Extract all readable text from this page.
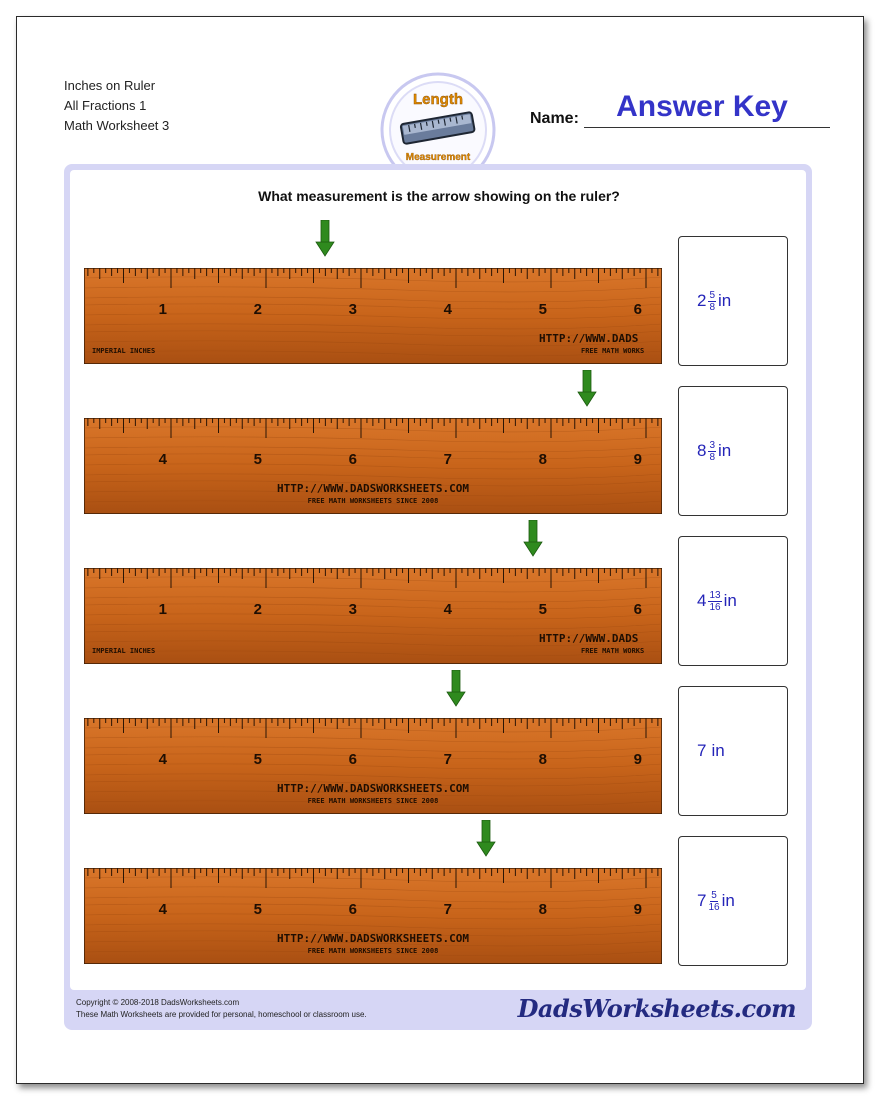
Inches on Ruler
All Fractions 1
Math Worksheet 3
Length
Measurement
Name:	Answer Key
What measurement is the arrow showing on the ruler?
Copyright © 2008-2018 DadsWorksheets.com
These Math Worksheets are provided for personal, homeschool or classroom use.	DadsWorksheets.com
1	2	3	4	5	6
IMPERIAL INCHES
HTTP://WWW.DADS
FREE MATH WORKS
$2 \frac{5}{8}$ in
4	5	6	7	8	9
HTTP://WWW.DADSWORKSHEETS.COM
FREE MATH WORKSHEETS SINCE 2008
$8 \frac{3}{8}$ in
1	2	3	4	5	6
IMPERIAL INCHES
HTTP://WWW.DADS
FREE MATH WORKS
$4 \frac{13}{16}$ in
4	5	6	7	8	9
HTTP://WWW.DADSWORKSHEETS.COM
FREE MATH WORKSHEETS SINCE 2008
7 in
4	5	6	7	8	9
HTTP://WWW.DADSWORKSHEETS.COM
FREE MATH WORKSHEETS SINCE 2008
$7 \frac{5}{16}$ in
